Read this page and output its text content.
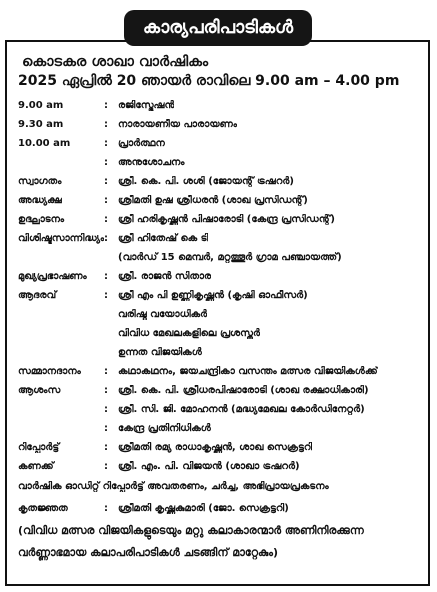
കാര്യപരിപാടികൾ
കൊടകര ശാഖാ വാർഷികം
2025 ഏപ്രിൽ 20 ഞായർ രാവിലെ 9.00 am – 4.00 pm
9.00 am	:	രജിസ്ട്രേഷൻ
9.30 am	:	നാരായണീയ പാരായണം
10.00 am	:	പ്രാർത്ഥന
:	അനുശോചനം
സ്വാഗതം	:	ശ്രീ. കെ. പി. ശശി (ജോയന്റ് ട്രഷറർ)
അദ്ധ്യക്ഷ	:	ശ്രീമതി ഉഷ ശ്രീധരൻ (ശാഖ പ്രസിഡന്റ്)
ഉദ്ഘാടനം	:	ശ്രീ ഹരികൃഷ്ണൻ പിഷാരോടി (കേന്ദ്ര പ്രസിഡന്റ്)
വിശിഷ്ടസാന്നിദ്ധ്യം :	ശ്രീ ഹിതേഷ് കെ ടി
(വാർഡ് 15 മെമ്പർ, മറ്റത്തൂർ ഗ്രാമ പഞ്ചായത്ത്)
മുഖ്യപ്രഭാഷണം	:	ശ്രീ. രാജൻ സിതാര
ആദരവ്	:	ശ്രീ എം പി ഉണ്ണികൃഷ്ണൻ (കൃഷി ഓഫീസർ)
വരിഷ്ഠ വയോധികർ
വിവിധ മേഖലകളിലെ പ്രശസ്തർ
ഉന്നത വിജയികൾ
സമ്മാനദാനം	:	കഥാകഥനം, ജയചന്ദ്രികാ വസന്തം മത്സര വിജയികൾക്ക്
ആശംസ	:	ശ്രീ. കെ. പി. ശ്രീധരപിഷാരോടി (ശാഖ രക്ഷാധികാരി)
:	ശ്രീ. സി. ജി. മോഹനൻ (മദ്ധ്യമേഖല കോർഡിനേറ്റർ)
:	കേന്ദ്ര പ്രതിനിധികൾ
റിപ്പോർട്ട്	:	ശ്രീമതി രമ്യ രാധാകൃഷ്ണൻ, ശാഖ സെക്രട്ടറി
കണക്ക്	:	ശ്രീ. എം. പി. വിജയൻ (ശാഖാ ട്രഷറർ)
വാർഷിക ഓഡിറ്റ് റിപ്പോർട്ട് അവതരണം, ചർച്ച, അഭിപ്രായപ്രകടനം
കൃതജ്ഞത	:	ശ്രീമതി കൃഷ്ണകുമാരി (ജോ. സെക്രട്ടറി)
(വിവിധ മത്സര വിജയികളുടെയും മറ്റു കലാകാരന്മാർ അണിനിരക്കുന്ന
വർണ്ണാഭമായ കലാപരിപാടികൾ ചടങ്ങിന് മാറ്റേകും)
